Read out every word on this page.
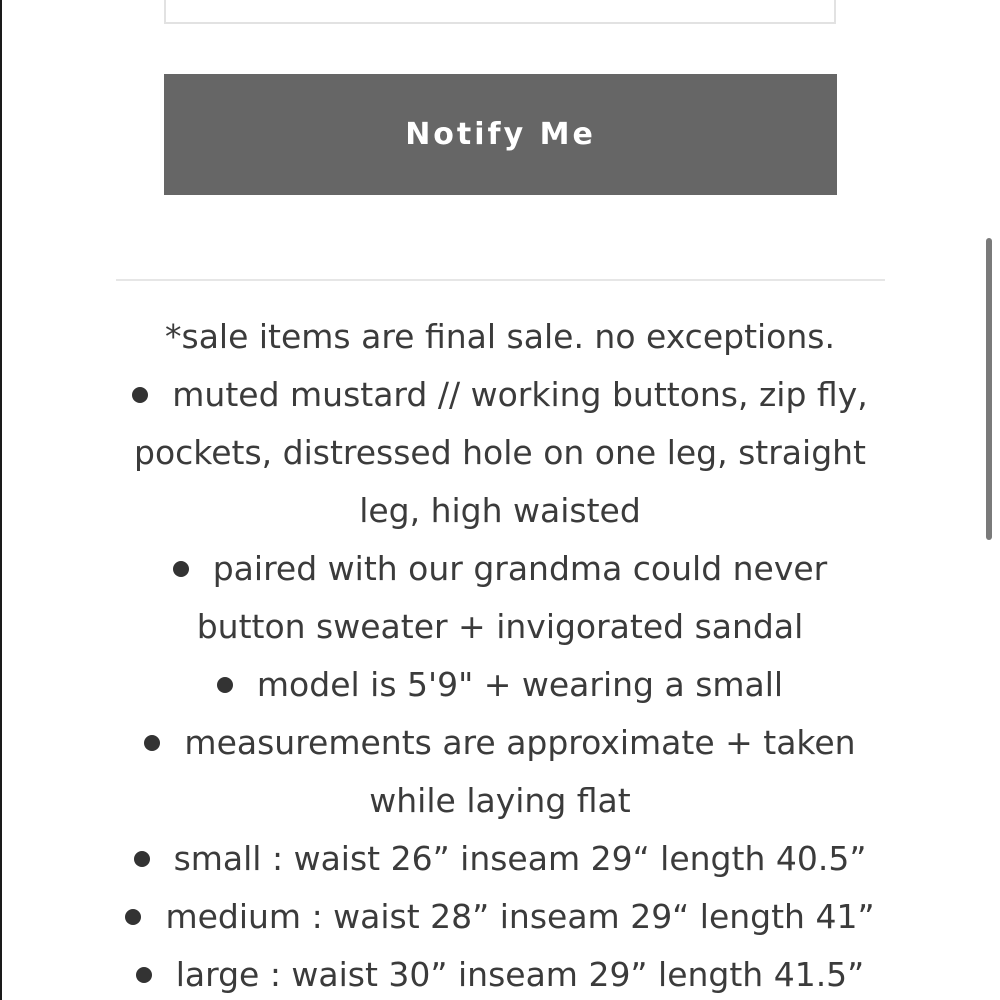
Notify Me
*sale items are final sale. no exceptions.
muted mustard // working buttons, zip fly,
pockets, distressed hole on one leg, straight
leg, high waisted
paired with our grandma could never
button sweater + invigorated sandal
model is 5'9" + wearing a small
measurements are approximate + taken
while laying flat
small : waist 26” inseam 29“ length 40.5”
medium : waist 28” inseam 29“ length 41”
large : waist 30” inseam 29” length 41.5”
